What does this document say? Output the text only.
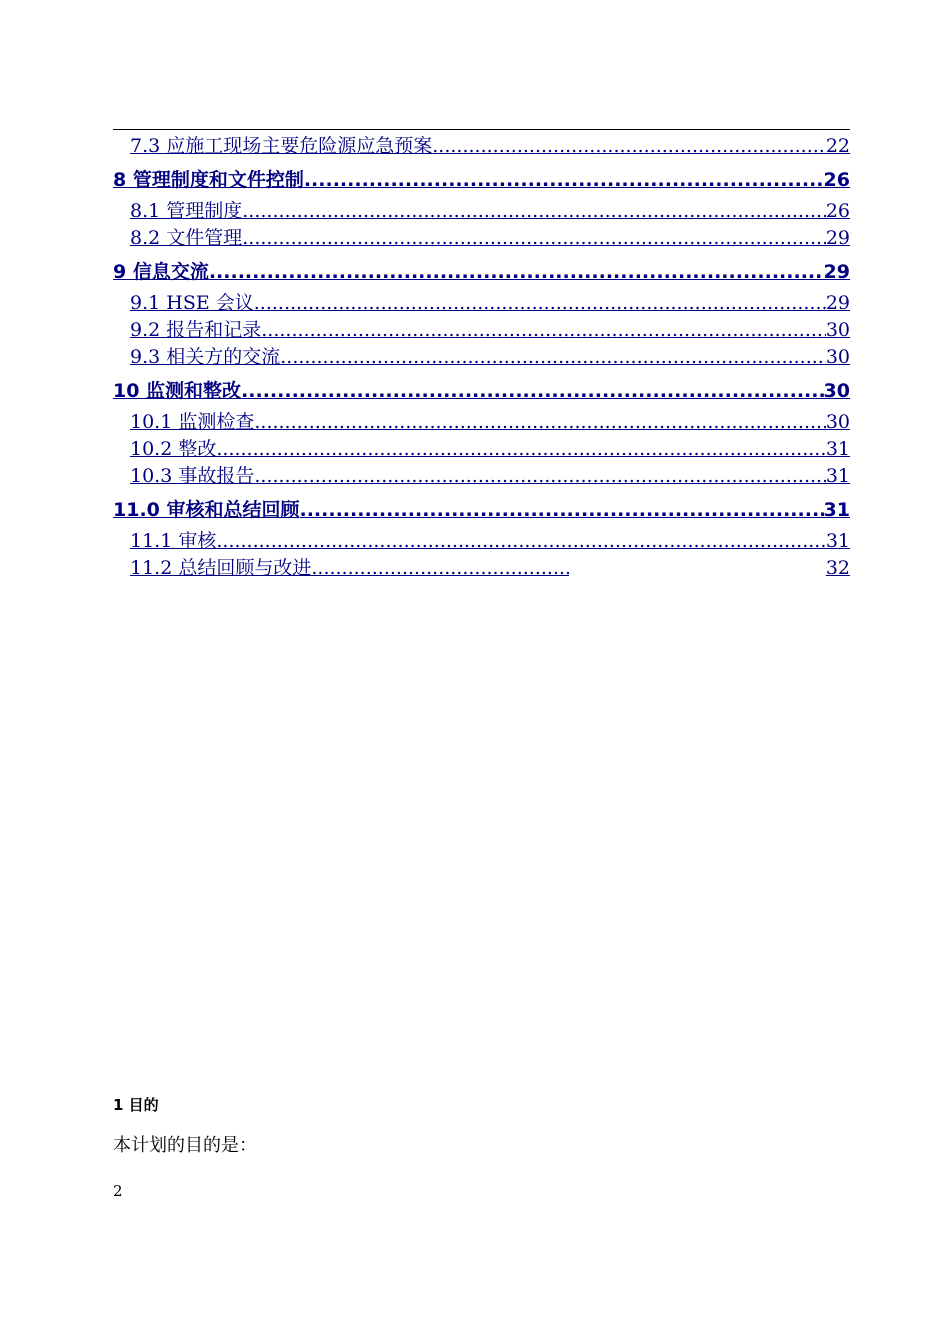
7.3 应施工现场主要危险源应急预案 .....	22
8 管理制度和文件控制 .....	26
8.1 管理制度 .....	26
8.2 文件管理 .....	29
9 信息交流 .....	29
9.1 HSE 会议 .....	29
9.2 报告和记录 .....	30
9.3 相关方的交流 .....	30
10 监测和整改 .....	30
10.1 监测检查 .....	30
10.2 整改 .....	31
10.3 事故报告 .....	31
11.0 审核和总结回顾 .....	31
11.1 审核 .....	31
11.2 总结回顾与改进 .....	32
1 目的
本计划的目的是：
2
